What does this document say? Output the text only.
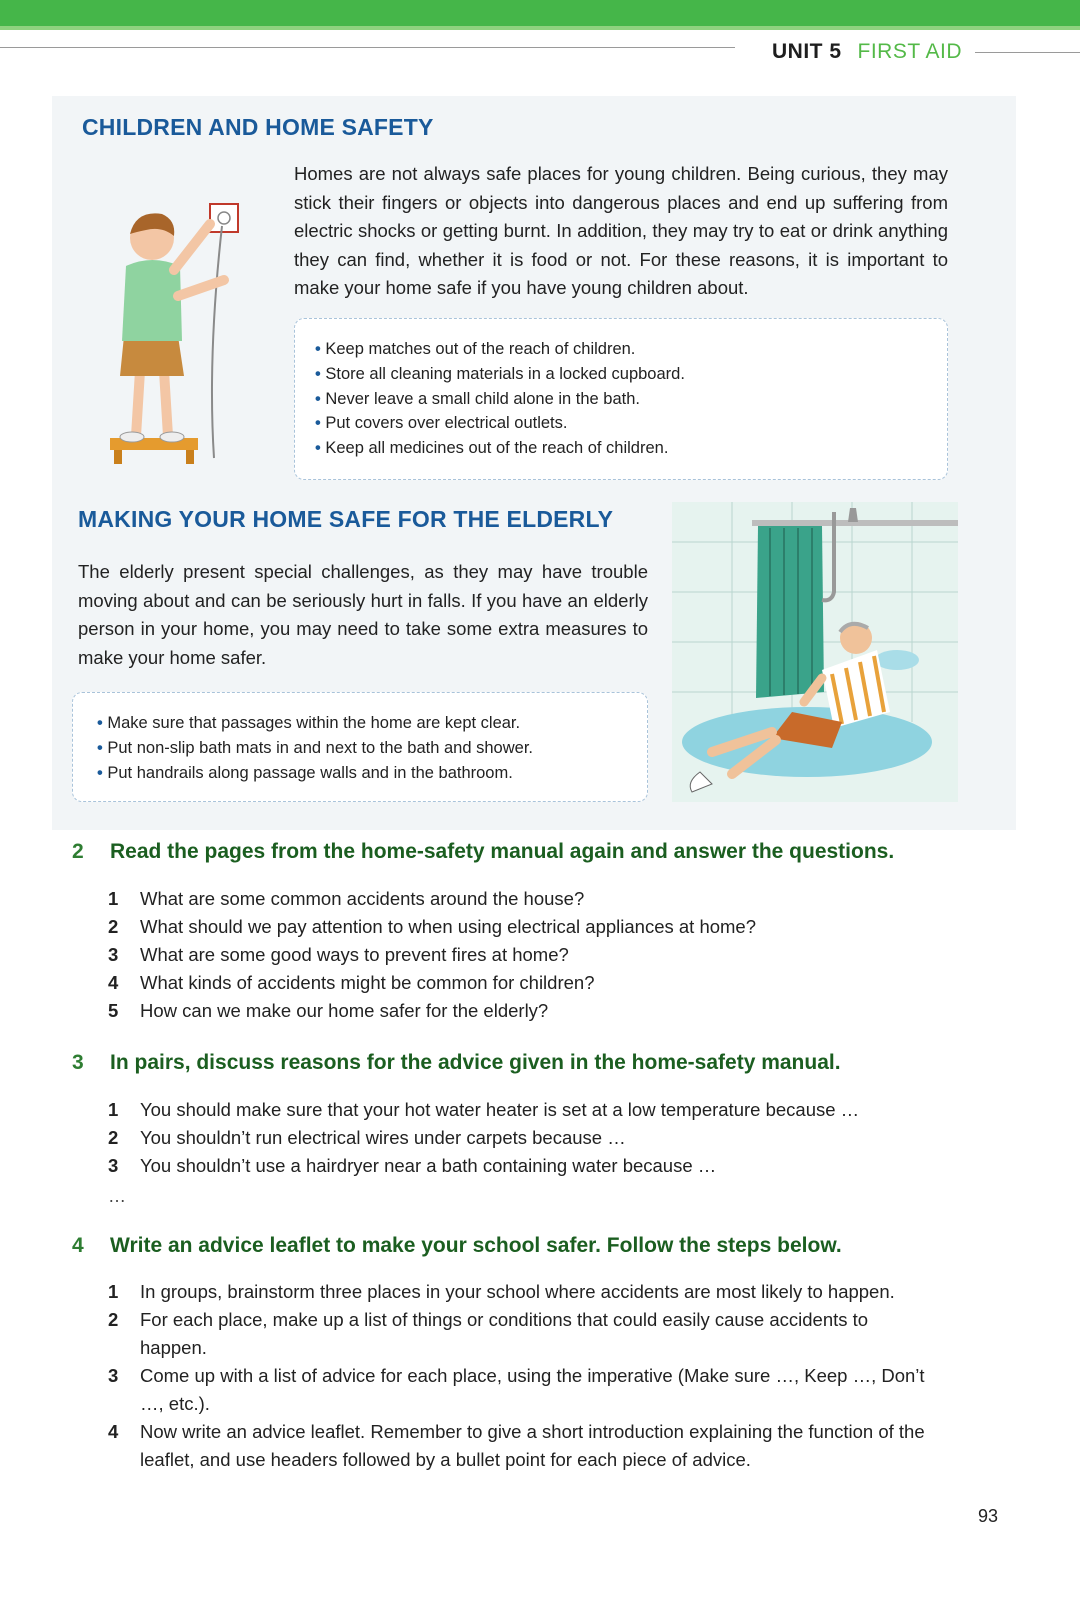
UNIT 5 FIRST AID
CHILDREN AND HOME SAFETY
Homes are not always safe places for young children. Being curious, they may stick their fingers or objects into dangerous places and end up suffering from electric shocks or getting burnt. In addition, they may try to eat or drink anything they can find, whether it is food or not. For these reasons, it is important to make your home safe if you have young children about.
• Keep matches out of the reach of children.
• Store all cleaning materials in a locked cupboard.
• Never leave a small child alone in the bath.
• Put covers over electrical outlets.
• Keep all medicines out of the reach of children.
MAKING YOUR HOME SAFE FOR THE ELDERLY
The elderly present special challenges, as they may have trouble moving about and can be seriously hurt in falls. If you have an elderly person in your home, you may need to take some extra measures to make your home safer.
• Make sure that passages within the home are kept clear.
• Put non-slip bath mats in and next to the bath and shower.
• Put handrails along passage walls and in the bathroom.
2 Read the pages from the home-safety manual again and answer the questions.
1 What are some common accidents around the house?
2 What should we pay attention to when using electrical appliances at home?
3 What are some good ways to prevent fires at home?
4 What kinds of accidents might be common for children?
5 How can we make our home safer for the elderly?
3 In pairs, discuss reasons for the advice given in the home-safety manual.
1 You should make sure that your hot water heater is set at a low temperature because …
2 You shouldn’t run electrical wires under carpets because …
3 You shouldn’t use a hairdryer near a bath containing water because …
…
4 Write an advice leaflet to make your school safer. Follow the steps below.
1 In groups, brainstorm three places in your school where accidents are most likely to happen.
2 For each place, make up a list of things or conditions that could easily cause accidents to happen.
3 Come up with a list of advice for each place, using the imperative (Make sure …, Keep …, Don’t …, etc.).
4 Now write an advice leaflet. Remember to give a short introduction explaining the function of the leaflet, and use headers followed by a bullet point for each piece of advice.
93
